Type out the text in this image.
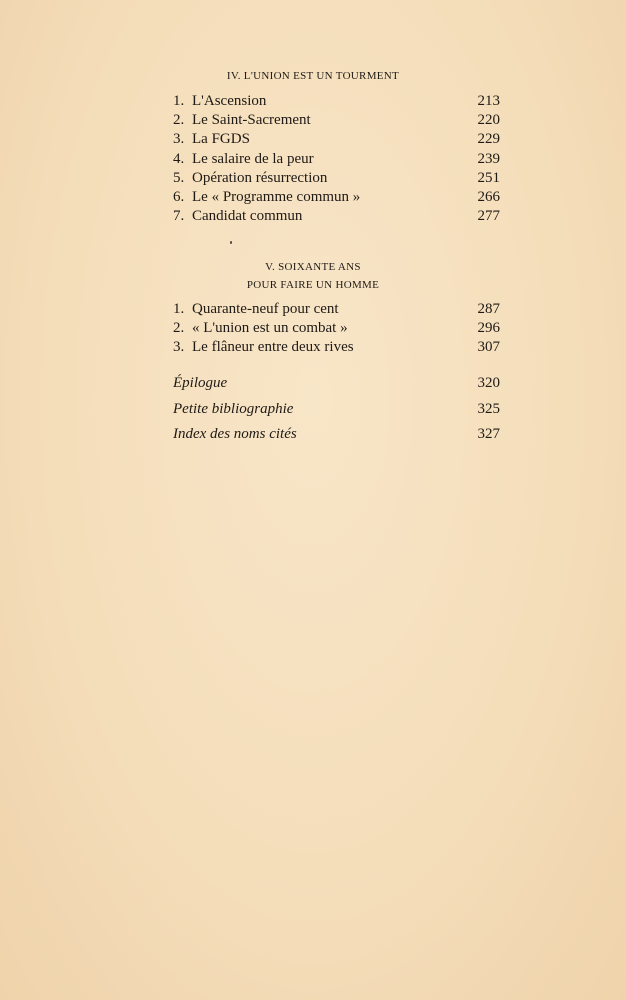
IV. L'UNION EST UN TOURMENT
1. L'Ascension	213
2. Le Saint-Sacrement	220
3. La FGDS	229
4. Le salaire de la peur	239
5. Opération résurrection	251
6. Le « Programme commun »	266
7. Candidat commun	277
V. SOIXANTE ANS
POUR FAIRE UN HOMME
1. Quarante-neuf pour cent	287
2. « L'union est un combat »	296
3. Le flâneur entre deux rives	307
Épilogue	320
Petite bibliographie	325
Index des noms cités	327
